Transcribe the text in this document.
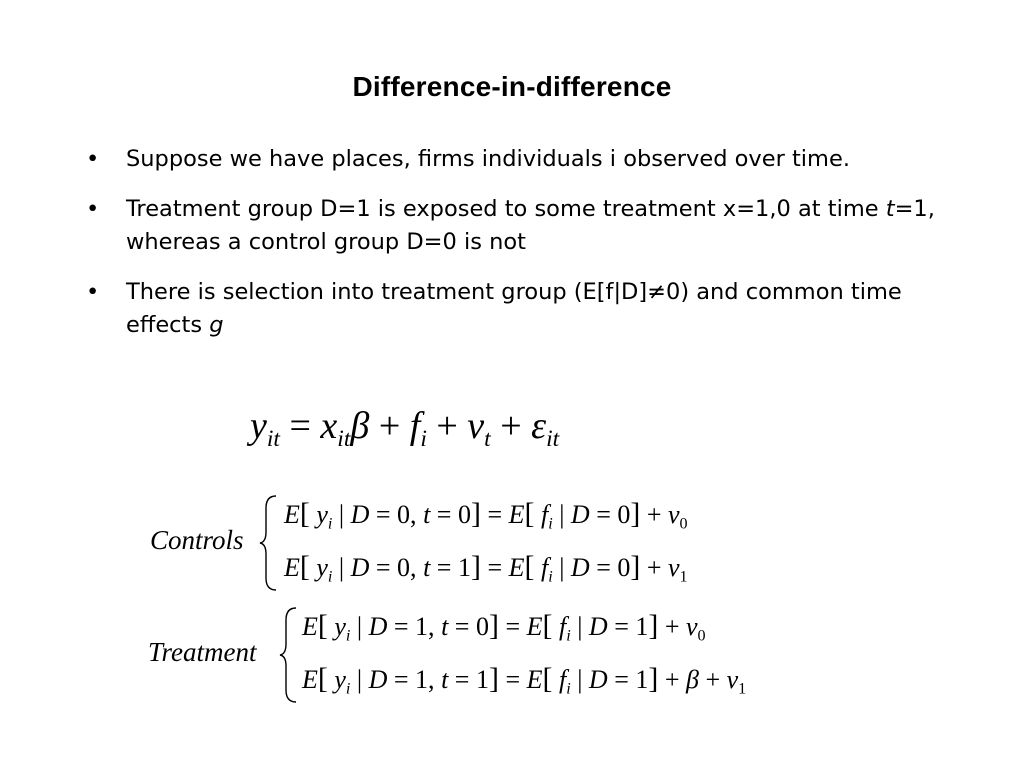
Difference-in-difference
• Suppose we have places, firms individuals i observed over time.
• Treatment group D=1 is exposed to some treatment x=1,0 at time t=1, whereas a control group D=0 is not
• There is selection into treatment group (E[f|D]≠0) and common time effects g
$y_{it} = x_{it}\beta + f_i + v_t + \varepsilon_{it}$
Controls
E[ $y_i$ | D = 0, t = 0] = E[ $f_i$ | $D = 0] + v_0$
E[ $y_i$ | D = 0, t = 1] = E[ $f_i$ | $D = 0] + v_1$
Treatment
E[ $y_i$ | D = 1, t = 0] = E[ $f_i$ | $D = 1] + v_0$
E[ $y_i$ | D = 1, t = 1] = E[ $f_i$ | $D = 1] + \beta + v_1$
